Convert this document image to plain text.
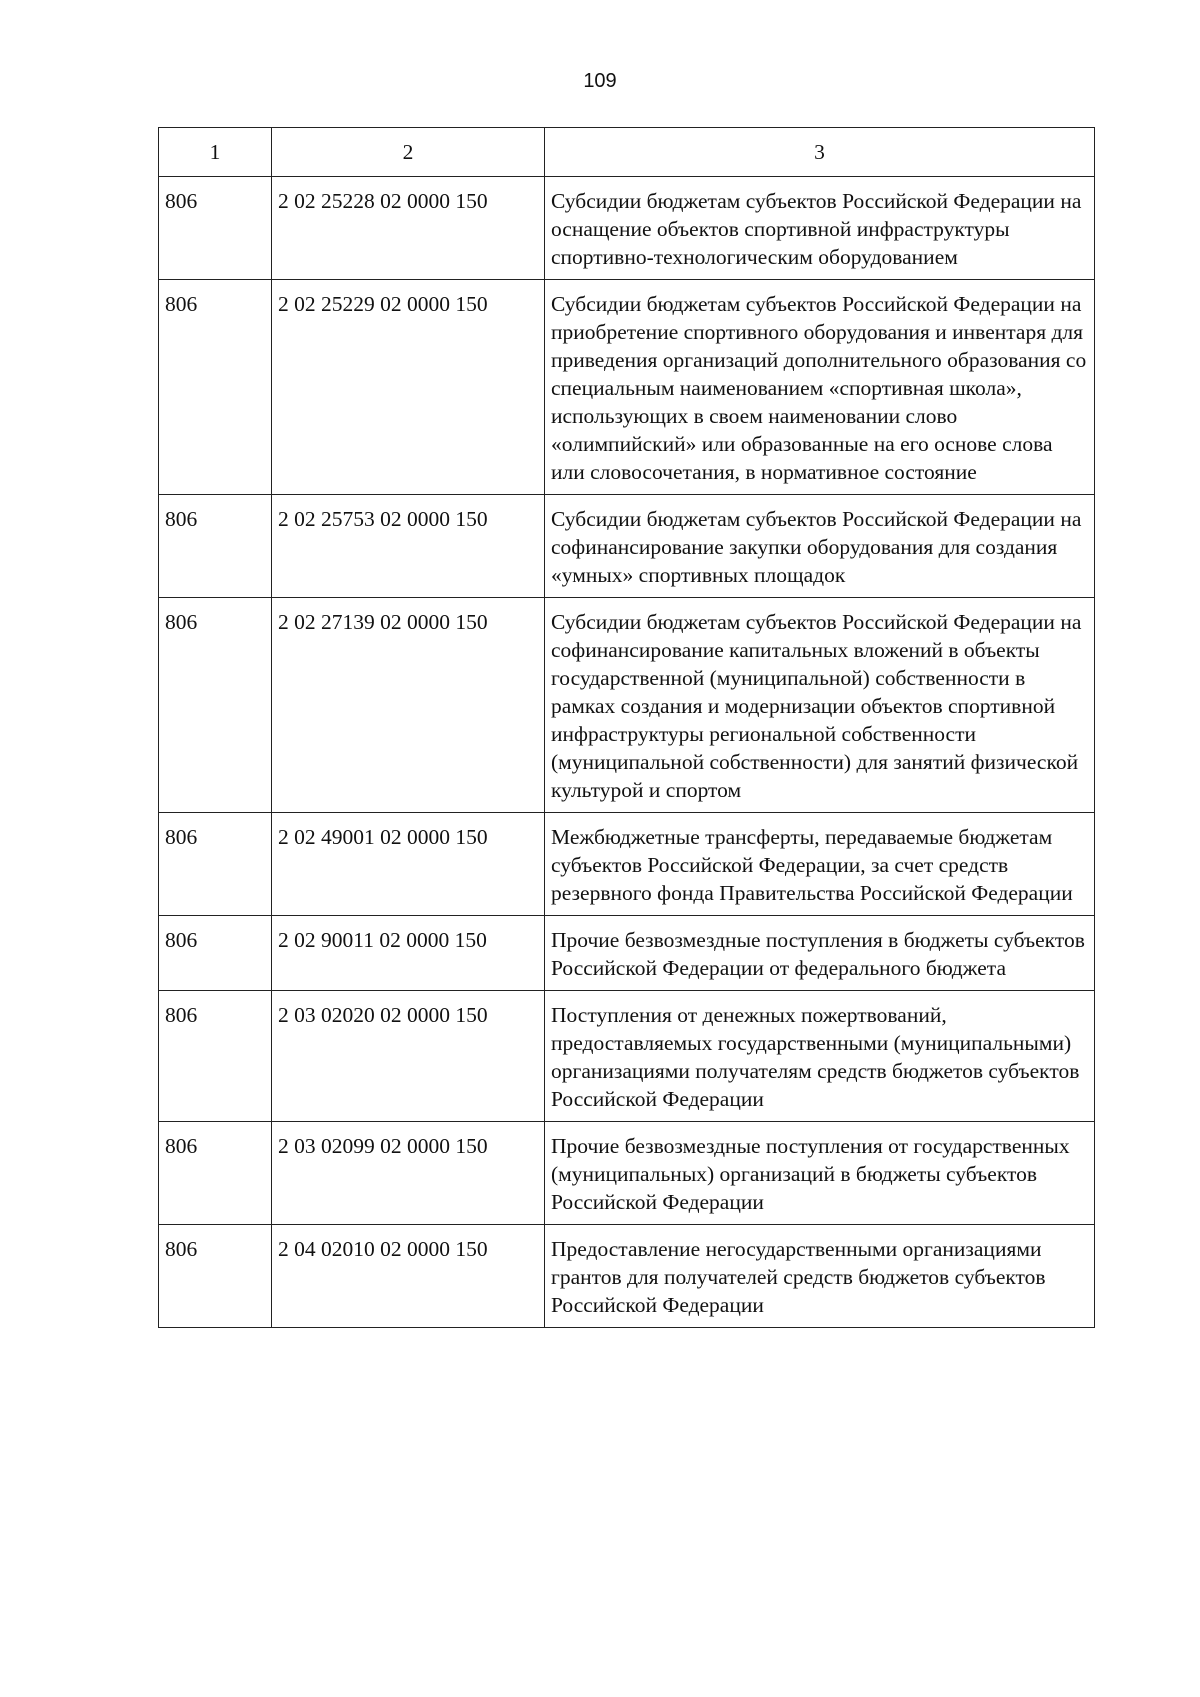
109
1	2	3
806	2 02 25228 02 0000 150	Субсидии бюджетам субъектов Российской Федерации на оснащение объектов спортивной инфраструктуры спортивно-технологическим оборудованием
806	2 02 25229 02 0000 150	Субсидии бюджетам субъектов Российской Федерации на приобретение спортивного оборудования и инвентаря для приведения организаций дополнительного образования со специальным наименованием «спортивная школа», использующих в своем наименовании слово «олимпийский» или образованные на его основе слова или словосочетания, в нормативное состояние
806	2 02 25753 02 0000 150	Субсидии бюджетам субъектов Российской Федерации на софинансирование закупки оборудования для создания «умных» спортивных площадок
806	2 02 27139 02 0000 150	Субсидии бюджетам субъектов Российской Федерации на софинансирование капитальных вложений в объекты государственной (муниципальной) собственности в рамках создания и модернизации объектов спортивной инфраструктуры региональной собственности (муниципальной собственности) для занятий физической культурой и спортом
806	2 02 49001 02 0000 150	Межбюджетные трансферты, передаваемые бюджетам субъектов Российской Федерации, за счет средств резервного фонда Правительства Российской Федерации
806	2 02 90011 02 0000 150	Прочие безвозмездные поступления в бюджеты субъектов Российской Федерации от федерального бюджета
806	2 03 02020 02 0000 150	Поступления от денежных пожертвований, предоставляемых государственными (муниципальными) организациями получателям средств бюджетов субъектов Российской Федерации
806	2 03 02099 02 0000 150	Прочие безвозмездные поступления от государственных (муниципальных) организаций в бюджеты субъектов Российской Федерации
806	2 04 02010 02 0000 150	Предоставление негосударственными организациями грантов для получателей средств бюджетов субъектов Российской Федерации
